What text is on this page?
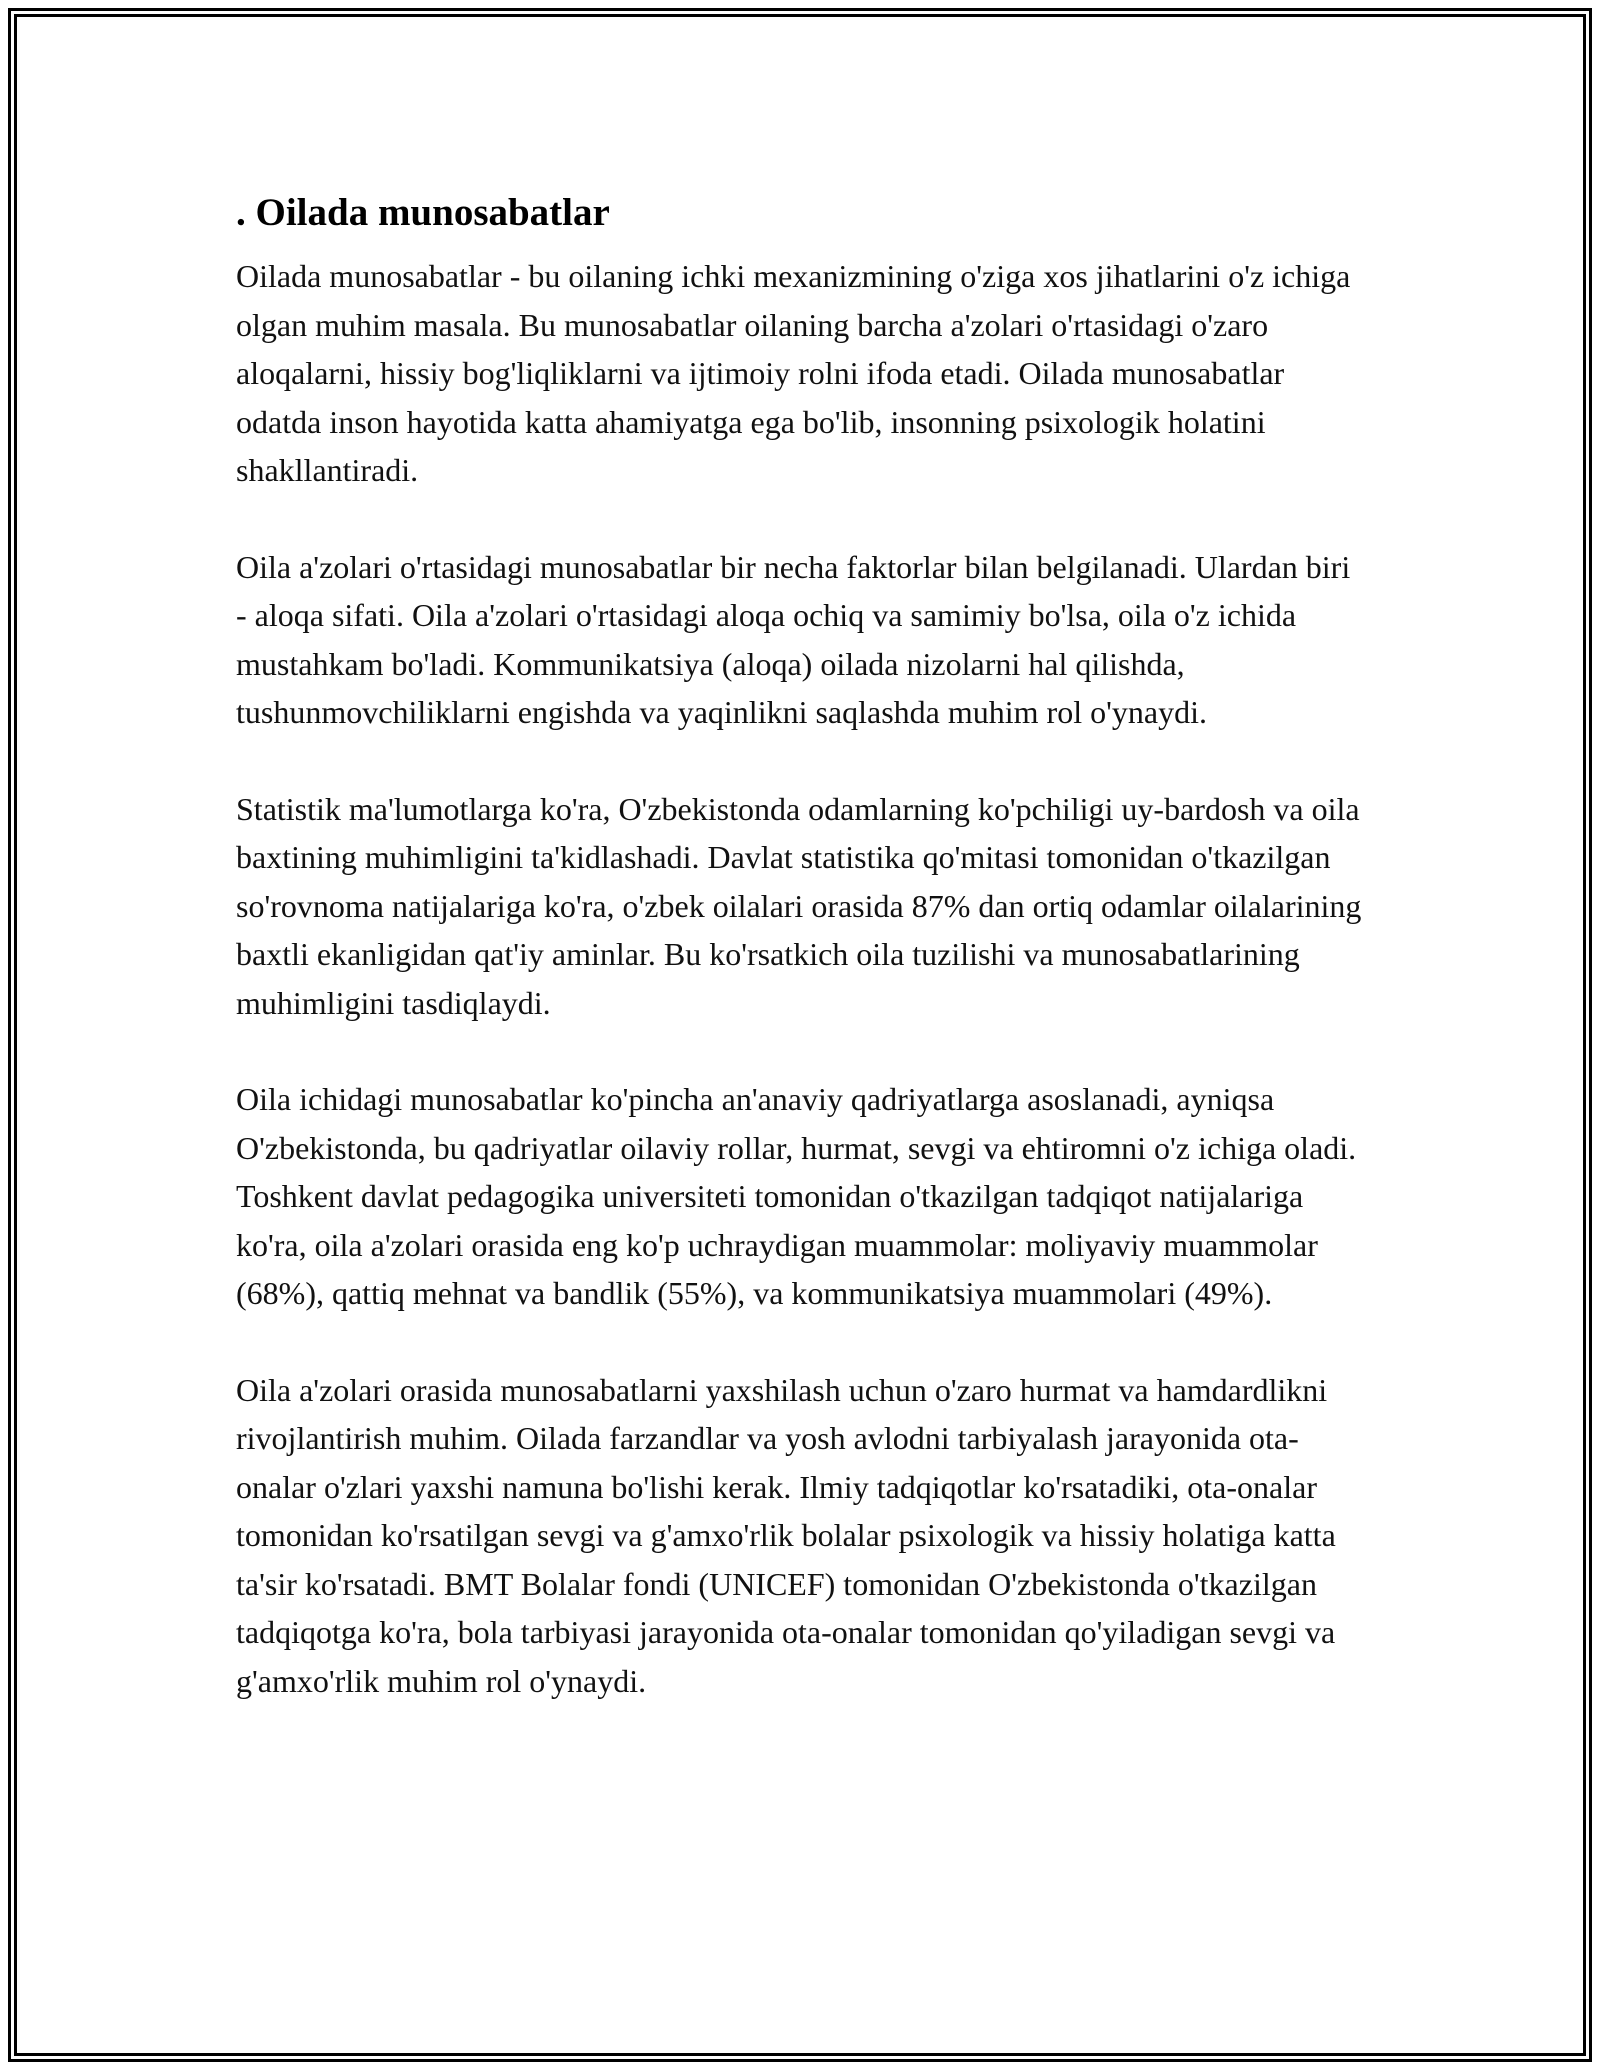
. Oilada munosabatlar

Oilada munosabatlar - bu oilaning ichki mexanizmining o'ziga xos jihatlarini o'z ichiga olgan muhim masala. Bu munosabatlar oilaning barcha a'zolari o'rtasidagi o'zaro aloqalarni, hissiy bog'liqliklarni va ijtimoiy rolni ifoda etadi. Oilada munosabatlar odatda inson hayotida katta ahamiyatga ega bo'lib, insonning psixologik holatini shakllantiradi.

Oila a'zolari o'rtasidagi munosabatlar bir necha faktorlar bilan belgilanadi. Ulardan biri - aloqa sifati. Oila a'zolari o'rtasidagi aloqa ochiq va samimiy bo'lsa, oila o'z ichida mustahkam bo'ladi. Kommunikatsiya (aloqa) oilada nizolarni hal qilishda, tushunmovchiliklarni engishda va yaqinlikni saqlashda muhim rol o'ynaydi.

Statistik ma'lumotlarga ko'ra, O'zbekistonda odamlarning ko'pchiligi uy-bardosh va oila baxtining muhimligini ta'kidlashadi. Davlat statistika qo'mitasi tomonidan o'tkazilgan so'rovnoma natijalariga ko'ra, o'zbek oilalari orasida 87% dan ortiq odamlar oilalarining baxtli ekanligidan qat'iy aminlar. Bu ko'rsatkich oila tuzilishi va munosabatlarining muhimligini tasdiqlaydi.

Oila ichidagi munosabatlar ko'pincha an'anaviy qadriyatlarga asoslanadi, ayniqsa O'zbekistonda, bu qadriyatlar oilaviy rollar, hurmat, sevgi va ehtiromni o'z ichiga oladi. Toshkent davlat pedagogika universiteti tomonidan o'tkazilgan tadqiqot natijalariga ko'ra, oila a'zolari orasida eng ko'p uchraydigan muammolar: moliyaviy muammolar (68%), qattiq mehnat va bandlik (55%), va kommunikatsiya muammolari (49%).

Oila a'zolari orasida munosabatlarni yaxshilash uchun o'zaro hurmat va hamdardlikni rivojlantirish muhim. Oilada farzandlar va yosh avlodni tarbiyalash jarayonida ota-onalar o'zlari yaxshi namuna bo'lishi kerak. Ilmiy tadqiqotlar ko'rsatadiki, ota-onalar tomonidan ko'rsatilgan sevgi va g'amxo'rlik bolalar psixologik va hissiy holatiga katta ta'sir ko'rsatadi. BMT Bolalar fondi (UNICEF) tomonidan O'zbekistonda o'tkazilgan tadqiqotga ko'ra, bola tarbiyasi jarayonida ota-onalar tomonidan qo'yiladigan sevgi va g'amxo'rlik muhim rol o'ynaydi.
